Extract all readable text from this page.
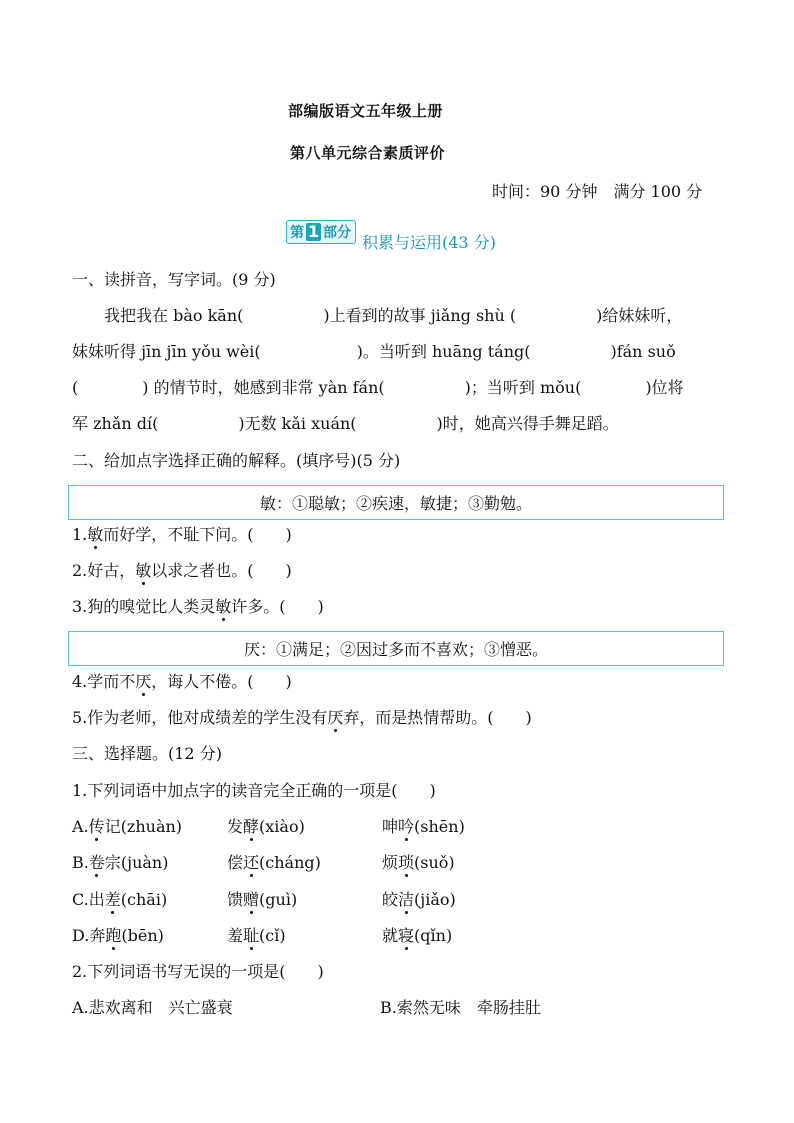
部编版语文五年级上册
第八单元综合素质评价
时间：90 分钟　满分 100 分
第 1 部分 积累与运用(43 分)
一、读拼音，写字词。(9 分)
　　我把我在 bào kān(　　　　　)上看到的故事 jiǎng shù (　　　　　)给妹妹听，
妹妹听得 jīn jīn yǒu wèi(　　　　　　)。当听到 huāng táng(　　　　　)fán suǒ
(　　　　) 的情节时，她感到非常 yàn fán(　　　　　)；当听到 mǒu(　　　　)位将
军 zhǎn dí(　　　　　)无数 kǎi xuán(　　　　　)时，她高兴得手舞足蹈。
二、给加点字选择正确的解释。(填序号)(5 分)
敏：①聪敏；②疾速，敏捷；③勤勉。
1.敏而好学，不耻下问。(　　)
2.好古，敏以求之者也。(　　)
3.狗的嗅觉比人类灵敏许多。(　　)
厌：①满足；②因过多而不喜欢；③憎恶。
4.学而不厌，诲人不倦。(　　)
5.作为老师，他对成绩差的学生没有厌弃，而是热情帮助。(　　)
三、选择题。(12 分)
1.下列词语中加点字的读音完全正确的一项是(　　)
A.传记(zhuàn)	发酵(xiào)	呻吟(shēn)
B.卷宗(juàn)	偿还(cháng)	烦琐(suǒ)
C.出差(chāi)	馈赠(guì)	皎洁(jiǎo)
D.奔跑(bēn)	羞耻(cǐ)	就寝(qǐn)
2.下列词语书写无误的一项是(　　)
A.悲欢离和　兴亡盛衰	B.索然无味　牵肠挂肚
